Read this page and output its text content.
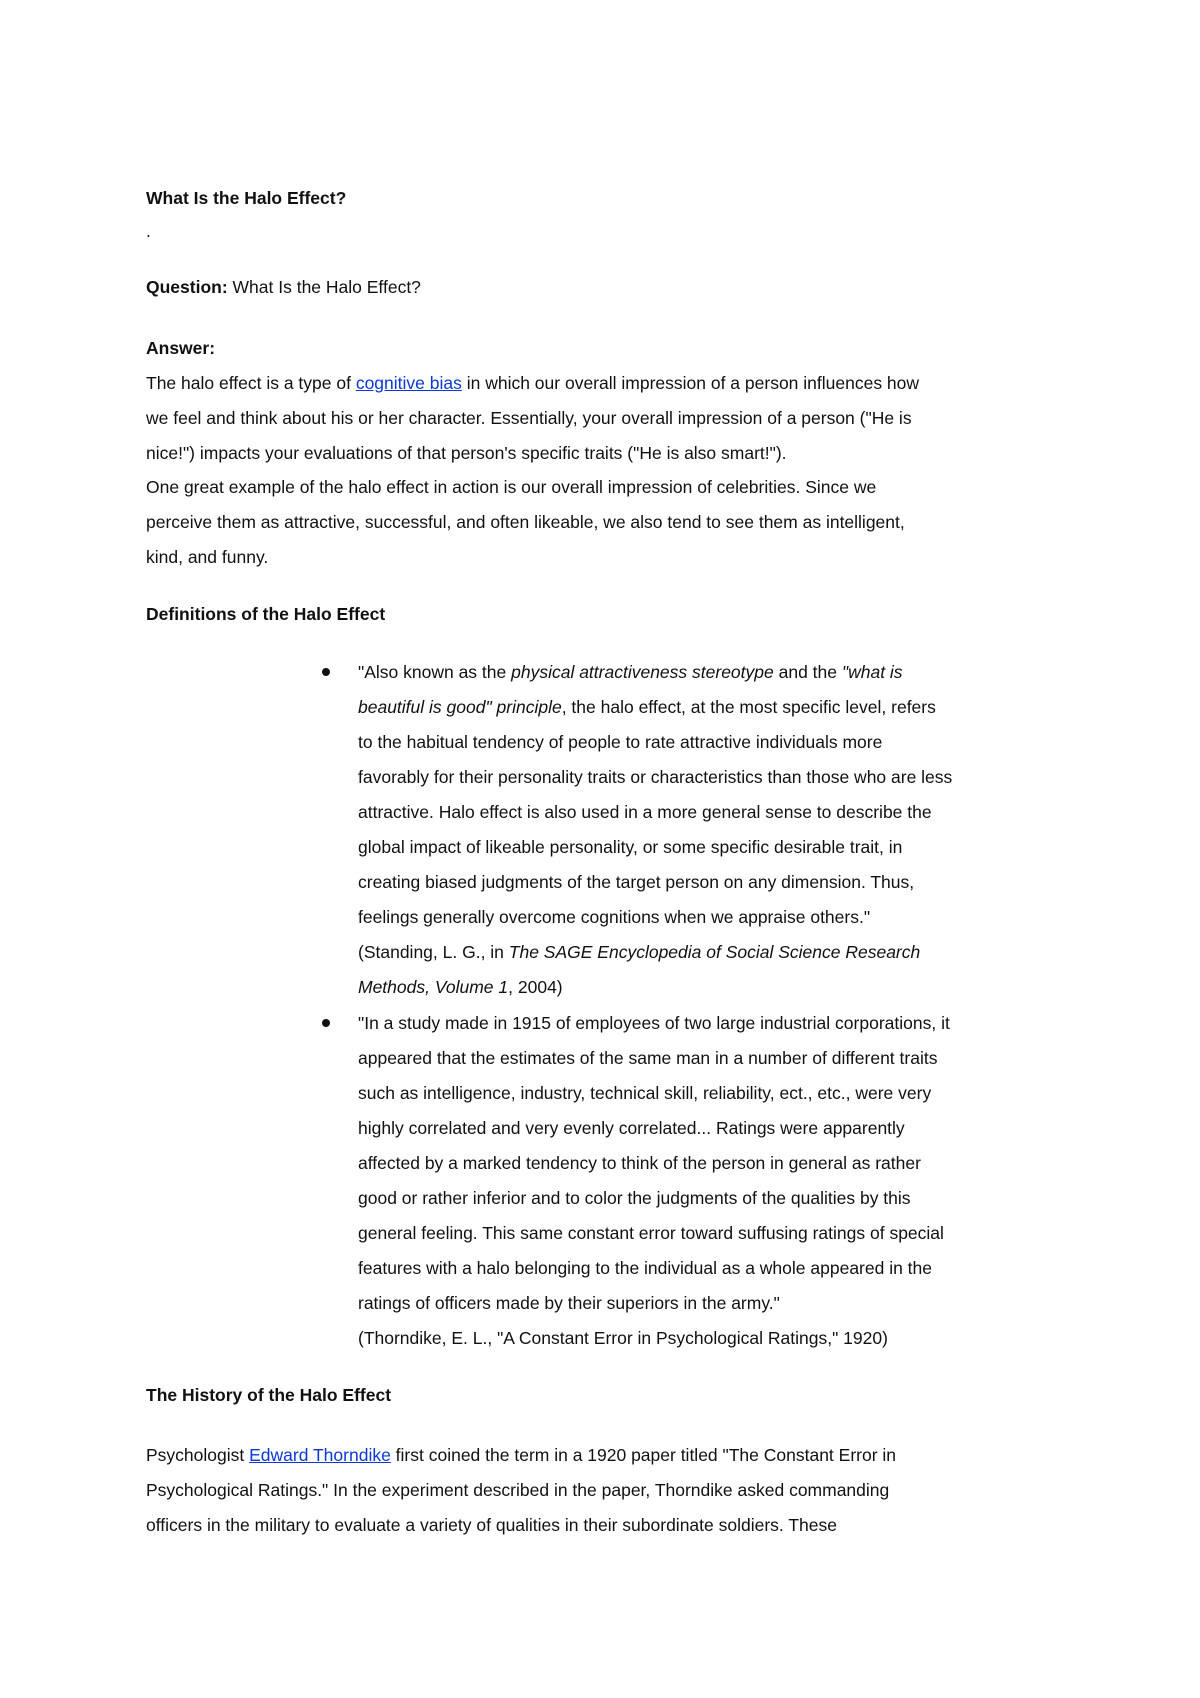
What Is the Halo Effect?
.
Question: What Is the Halo Effect?
Answer:
The halo effect is a type of cognitive bias in which our overall impression of a person influences how
we feel and think about his or her character. Essentially, your overall impression of a person ("He is
nice!") impacts your evaluations of that person's specific traits ("He is also smart!").
One great example of the halo effect in action is our overall impression of celebrities. Since we
perceive them as attractive, successful, and often likeable, we also tend to see them as intelligent,
kind, and funny.
Definitions of the Halo Effect
"Also known as the physical attractiveness stereotype and the "what is
beautiful is good" principle, the halo effect, at the most specific level, refers
to the habitual tendency of people to rate attractive individuals more
favorably for their personality traits or characteristics than those who are less
attractive. Halo effect is also used in a more general sense to describe the
global impact of likeable personality, or some specific desirable trait, in
creating biased judgments of the target person on any dimension. Thus,
feelings generally overcome cognitions when we appraise others."
(Standing, L. G., in The SAGE Encyclopedia of Social Science Research
Methods, Volume 1, 2004)
"In a study made in 1915 of employees of two large industrial corporations, it
appeared that the estimates of the same man in a number of different traits
such as intelligence, industry, technical skill, reliability, ect., etc., were very
highly correlated and very evenly correlated... Ratings were apparently
affected by a marked tendency to think of the person in general as rather
good or rather inferior and to color the judgments of the qualities by this
general feeling. This same constant error toward suffusing ratings of special
features with a halo belonging to the individual as a whole appeared in the
ratings of officers made by their superiors in the army."
(Thorndike, E. L., "A Constant Error in Psychological Ratings," 1920)
The History of the Halo Effect
Psychologist Edward Thorndike first coined the term in a 1920 paper titled "The Constant Error in
Psychological Ratings." In the experiment described in the paper, Thorndike asked commanding
officers in the military to evaluate a variety of qualities in their subordinate soldiers. These
